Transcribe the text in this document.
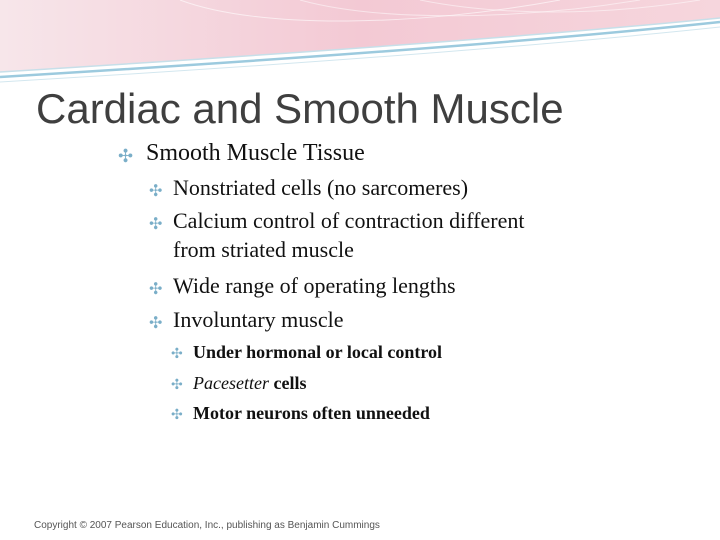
Cardiac and Smooth Muscle

✣ Smooth Muscle Tissue

✣ Nonstriated cells (no sarcomeres)

✣ Calcium control of contraction different

from striated muscle

✣ Wide range of operating lengths

✣ Involuntary muscle

✣ Under hormonal or local control

✣ Pacesetter cells

✣ Motor neurons often unneeded

Copyright © 2007 Pearson Education, Inc., publishing as Benjamin Cummings
